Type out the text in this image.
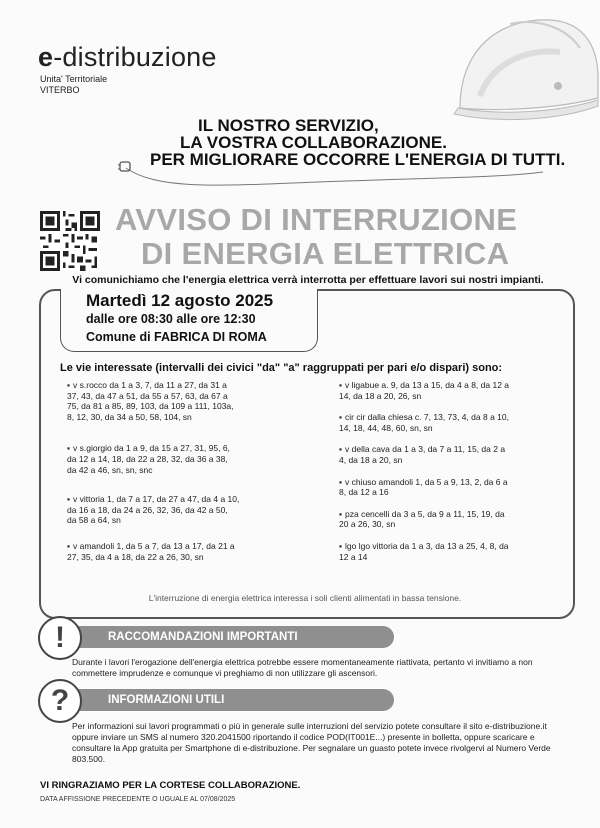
e-distribuzione
Unita' Territoriale
VITERBO
IL NOSTRO SERVIZIO,
LA VOSTRA COLLABORAZIONE.
PER MIGLIORARE OCCORRE L'ENERGIA DI TUTTI.
AVVISO DI INTERRUZIONE
DI ENERGIA ELETTRICA
Vi comunichiamo che l'energia elettrica verrà interrotta per effettuare lavori sui nostri impianti.
Martedì 12 agosto 2025
dalle ore 08:30 alle ore 12:30
Comune di FABRICA DI ROMA
Le vie interessate (intervalli dei civici "da" "a" raggruppati per pari e/o dispari) sono:
▪ v s.rocco da 1 a 3, 7, da 11 a 27, da 31 a
37, 43, da 47 a 51, da 55 a 57, 63, da 67 a
75, da 81 a 85, 89, 103, da 109 a 111, 103a,
8, 12, 30, da 34 a 50, 58, 104, sn
▪ v s.giorgio da 1 a 9, da 15 a 27, 31, 95, 6,
da 12 a 14, 18, da 22 a 28, 32, da 36 a 38,
da 42 a 46, sn, sn, snc
▪ v vittoria 1, da 7 a 17, da 27 a 47, da 4 a 10,
da 16 a 18, da 24 a 26, 32, 36, da 42 a 50,
da 58 a 64, sn
▪ v amandoli 1, da 5 a 7, da 13 a 17, da 21 a
27, 35, da 4 a 18, da 22 a 26, 30, sn
▪ v ligabue a. 9, da 13 a 15, da 4 a 8, da 12 a
14, da 18 a 20, 26, sn
▪ cir cir dalla chiesa c. 7, 13, 73, 4, da 8 a 10,
14, 18, 44, 48, 60, sn, sn
▪ v della cava da 1 a 3, da 7 a 11, 15, da 2 a
4, da 18 a 20, sn
▪ v chiuso amandoli 1, da 5 a 9, 13, 2, da 6 a
8, da 12 a 16
▪ pza cencelli da 3 a 5, da 9 a 11, 15, 19, da
20 a 26, 30, sn
▪ lgo lgo vittoria da 1 a 3, da 13 a 25, 4, 8, da
12 a 14
L'interruzione di energia elettrica interessa i soli clienti alimentati in bassa tensione.
RACCOMANDAZIONI IMPORTANTI
!
Durante i lavori l'erogazione dell'energia elettrica potrebbe essere momentaneamente riattivata, pertanto vi invitiamo a non commettere imprudenze e comunque vi preghiamo di non utilizzare gli ascensori.
INFORMAZIONI UTILI
?
Per informazioni sui lavori programmati o più in generale sulle interruzioni del servizio potete consultare il sito e-distribuzione.it oppure inviare un SMS al numero 320.2041500 riportando il codice POD(IT001E...) presente in bolletta, oppure scaricare e consultare la App gratuita per Smartphone di e-distribuzione. Per segnalare un guasto potete invece rivolgervi al Numero Verde 803.500.
VI RINGRAZIAMO PER LA CORTESE COLLABORAZIONE.
DATA AFFISSIONE PRECEDENTE O UGUALE AL 07/08/2025
